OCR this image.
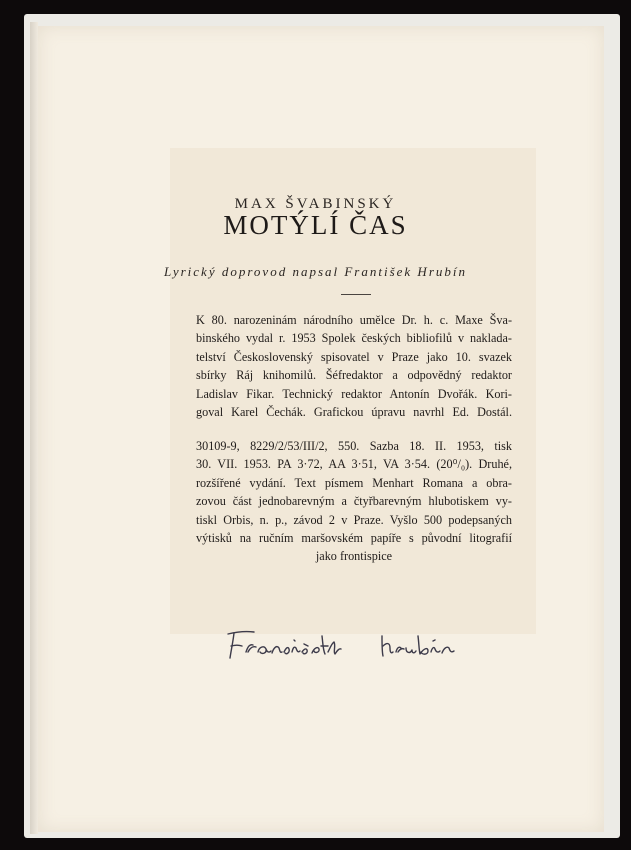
MAX ŠVABINSKÝ
MOTÝLÍ ČAS
Lyrický doprovod napsal František Hrubín
K 80. narozeninám národního umělce Dr. h. c. Maxe Šva-
binského vydal r. 1953 Spolek českých bibliofilů v naklada-
telství Československý spisovatel v Praze jako 10. svazek
sbírky Ráj knihomilů. Šéfredaktor a odpovědný redaktor
Ladislav Fikar. Technický redaktor Antonín Dvořák. Kori-
goval Karel Čechák. Grafickou úpravu navrhl Ed. Dostál.
30109-9, 8229/2/53/III/2, 550. Sazba 18. II. 1953, tisk
30. VII. 1953. PA 3·72, AA 3·51, VA 3·54. (20⁰/₀). Druhé,
rozšířené vydání. Text písmem Menhart Romana a obra-
zovou část jednobarevným a čtyřbarevným hlubotiskem vy-
tiskl Orbis, n. p., závod 2 v Praze. Vyšlo 500 podepsaných
výtisků na ručním maršovském papíře s původní litografií
jako frontispice
